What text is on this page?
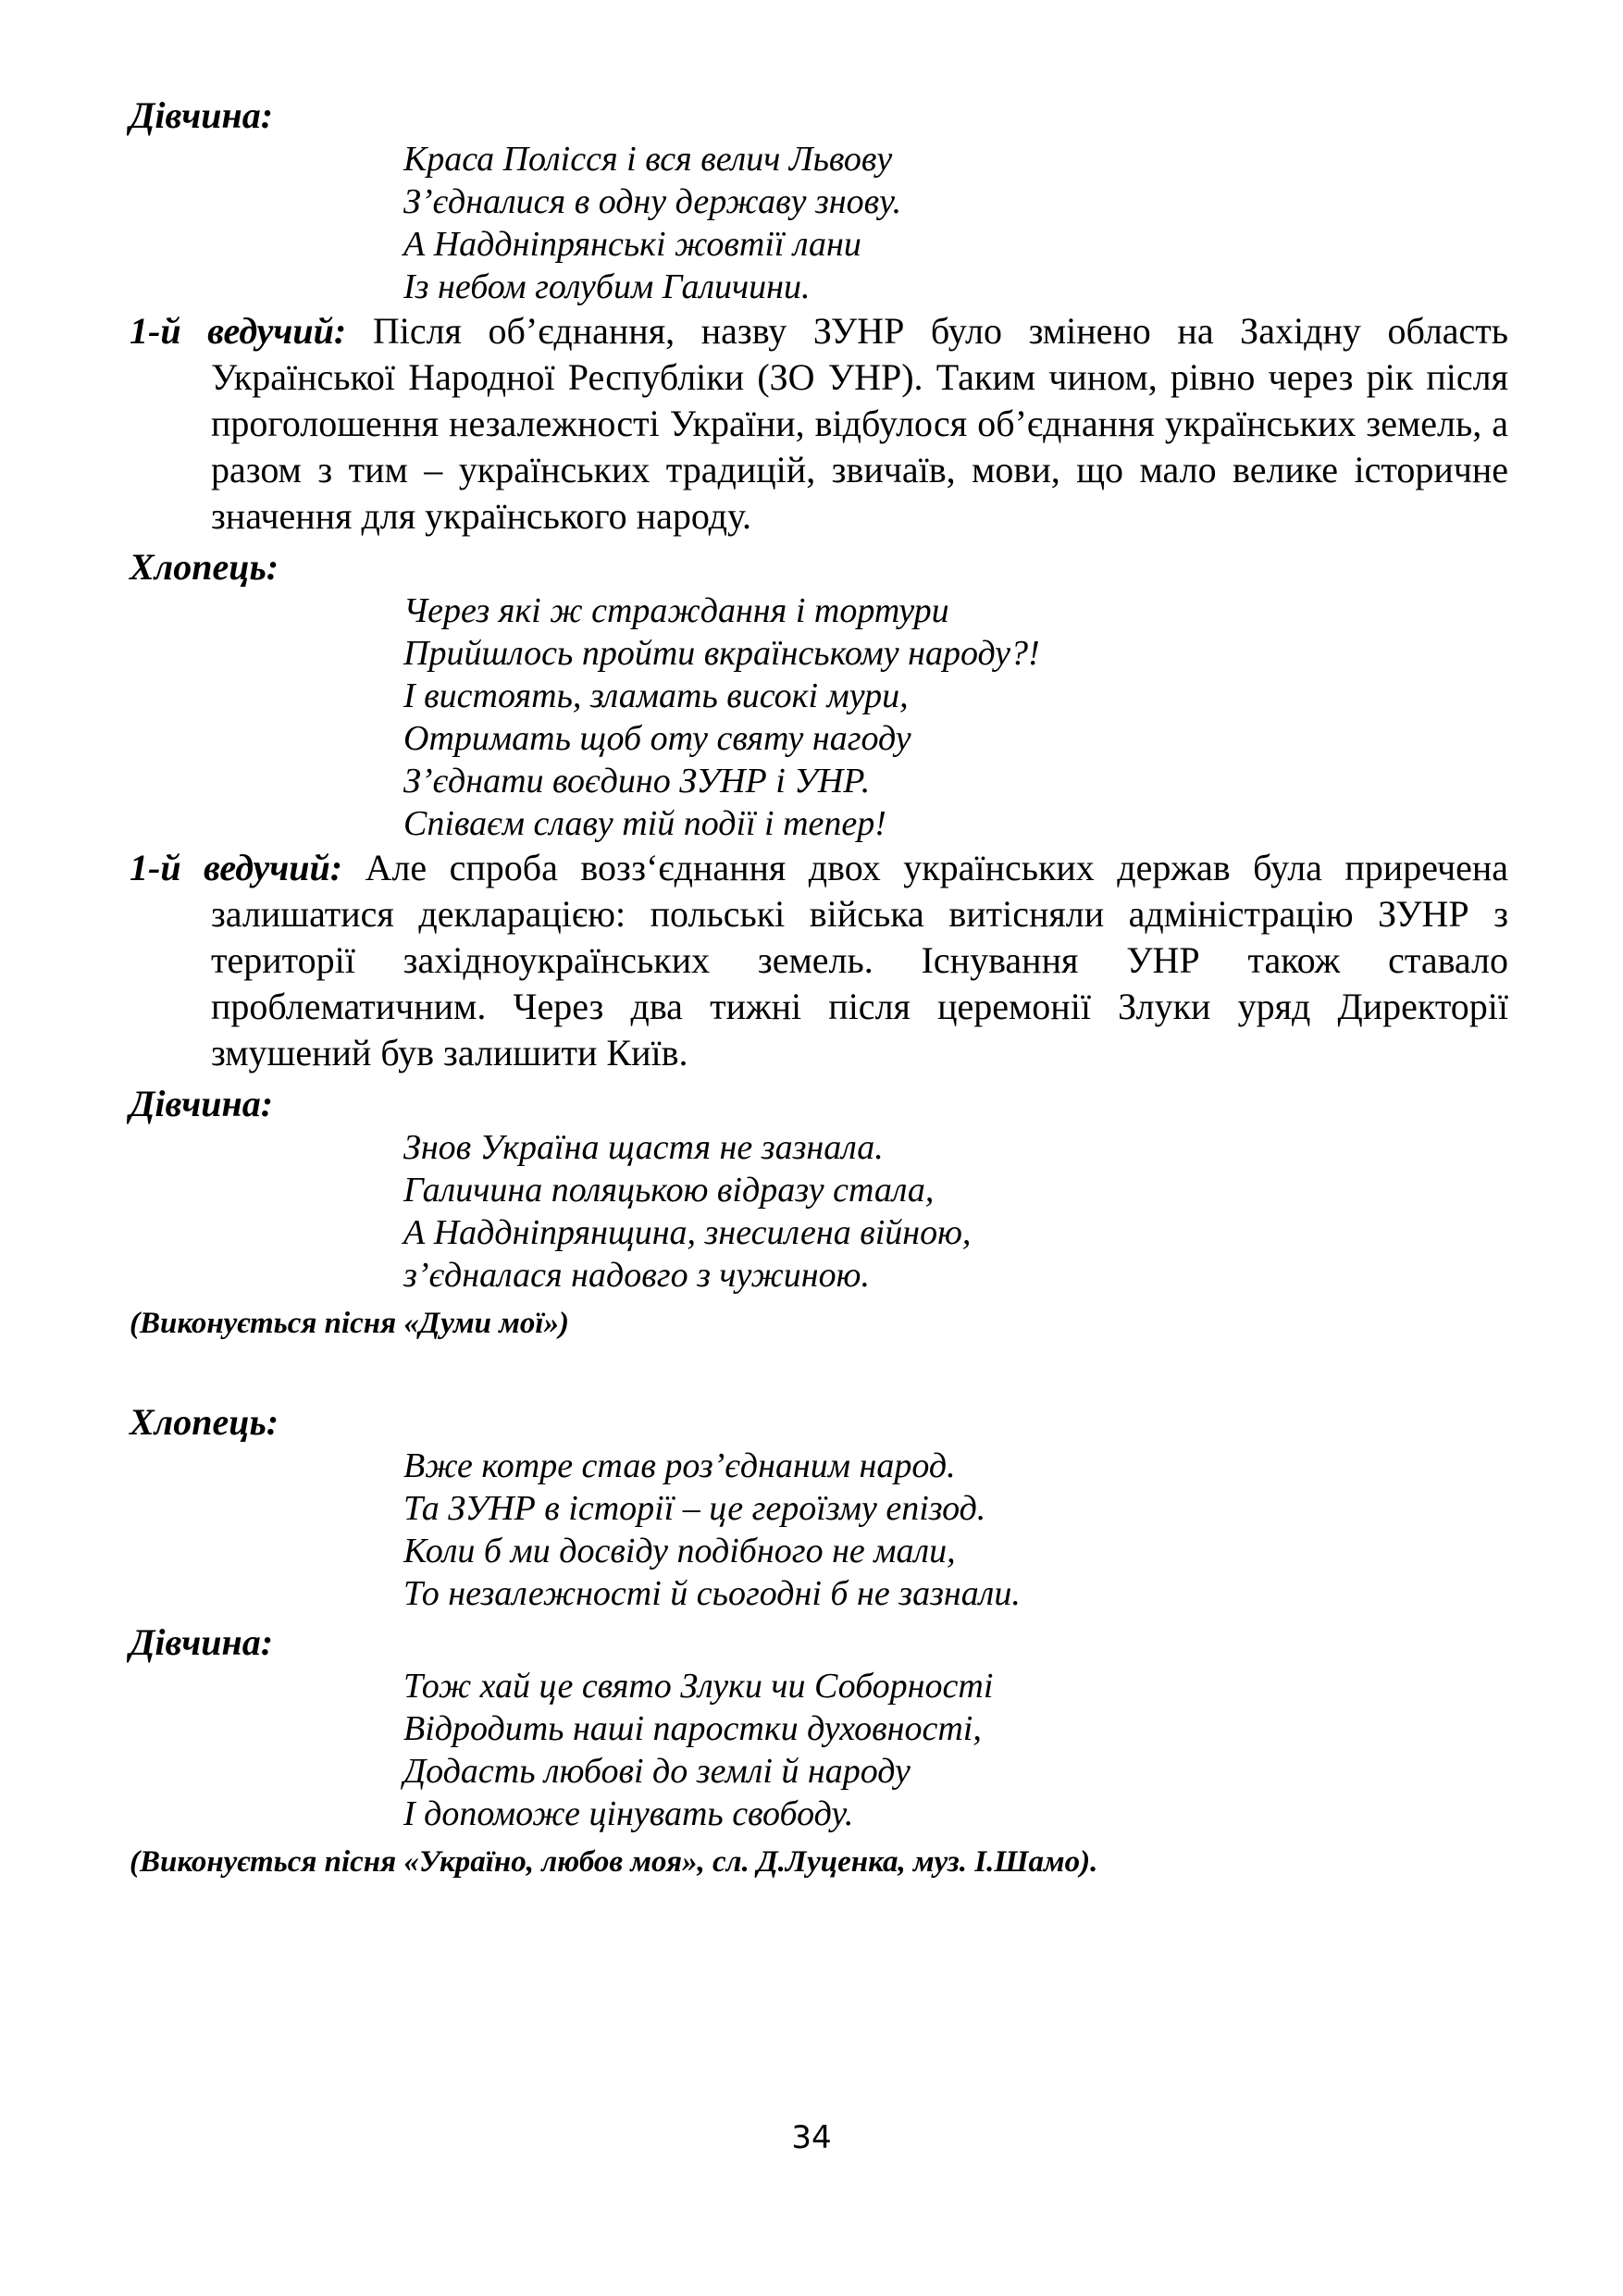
Дівчина:
Краса Полісся і вся велич Львову
З’єдналися в одну державу знову.
А Наддніпрянські жовтії лани
Із небом голубим Галичини.

1-й ведучий: Після об’єднання, назву ЗУНР було змінено на Західну область Української Народної Республіки (ЗО УНР). Таким чином, рівно через рік після проголошення незалежності України, відбулося об’єднання українських земель, а разом з тим – українських традицій, звичаїв, мови, що мало велике історичне значення для українського народу.

Хлопець:
Через які ж страждання і тортури
Прийшлось пройти вкраїнському народу?!
І вистоять, зламать високі мури,
Отримать щоб оту святу нагоду
З’єднати воєдино ЗУНР і УНР.
Співаєм славу тій події і тепер!

1-й ведучий: Але спроба возз‘єднання двох українських держав була приречена залишатися декларацією: польські війська витісняли адміністрацію ЗУНР з території західноукраїнських земель. Існування УНР також ставало проблематичним. Через два тижні після церемонії Злуки уряд Директорії змушений був залишити Київ.

Дівчина:
Знов Україна щастя не зазнала.
Галичина поляцькою відразу стала,
А Наддніпрянщина, знесилена війною,
з’єдналася надовго з чужиною.
(Виконується пісня «Думи мої»)
Хлопець:
Вже котре став роз’єднаним народ.
Та ЗУНР в історії – це героїзму епізод.
Коли б ми досвіду подібного не мали,
То незалежності й сьогодні б не зазнали.
Дівчина:
Тож хай це свято Злуки чи Соборності
Відродить наші паростки духовності,
Додасть любові до землі й народу
І допоможе цінувать свободу.
(Виконується пісня «Україно, любов моя», сл. Д.Луценка, муз. І.Шамо).
34
